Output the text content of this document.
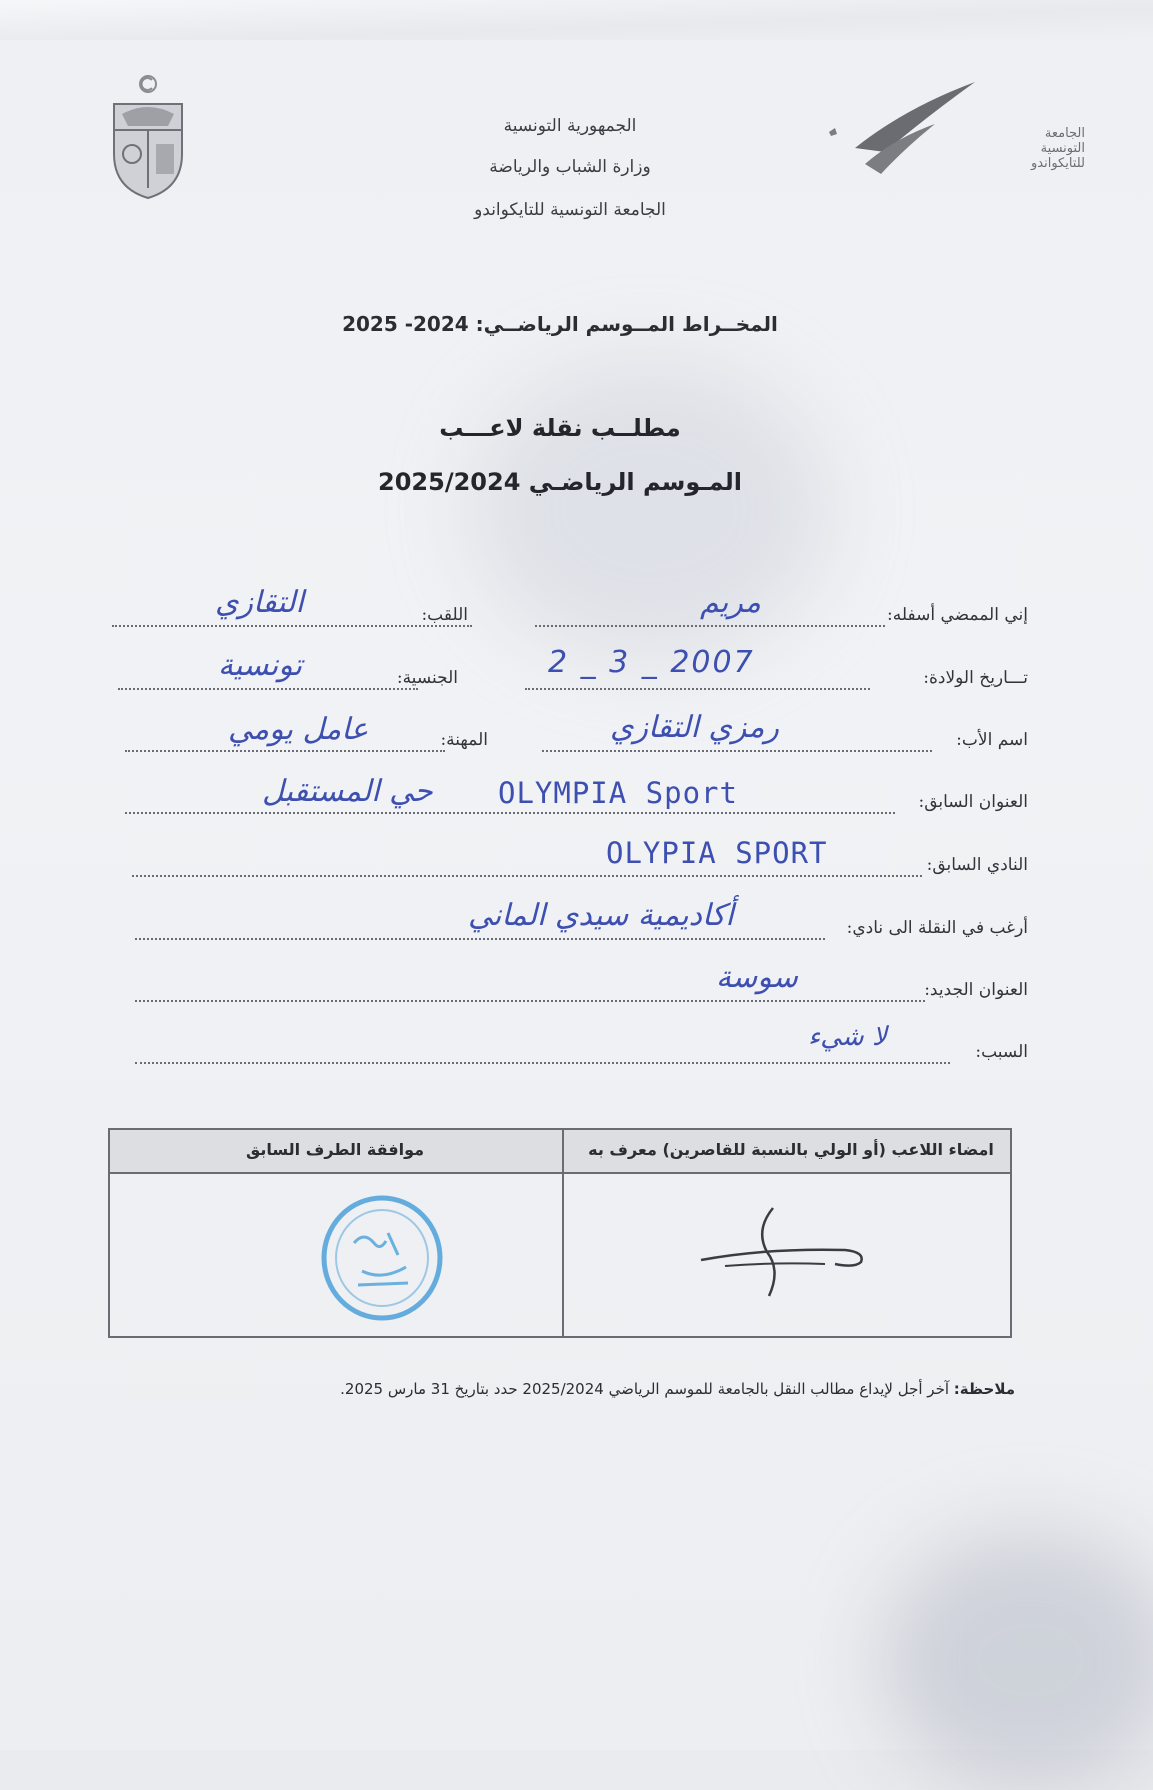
الجامعة
التونسية
للتايكواندو
الجمهورية التونسية
وزارة الشباب والرياضة
الجامعة التونسية للتايكواندو
المخــراط المــوسم الرياضــي: 2024- 2025
مطلــب نقلة لاعـــب
المـوسم الرياضـي 2025/2024
إني الممضي أسفله:
مريم
اللقب:
التقازي
تـــاريخ الولادة:
2 _ 3 _ 2007
الجنسية:
تونسية
اسم الأب:
رمزي التقازي
المهنة:
عامل يومي
العنوان السابق:
OLYMPIA Sport
حي المستقبل
النادي السابق:
OLYPIA SPORT
أرغب في النقلة الى نادي:
أكاديمية سيدي الماني
العنوان الجديد:
سوسة
السبب:
لا شيء
امضاء اللاعب (أو الولي بالنسبة للقاصرين) معرف به
موافقة الطرف السابق
ملاحظة: آخر أجل لإيداع مطالب النقل بالجامعة للموسم الرياضي 2025/2024 حدد بتاريخ 31 مارس 2025.
